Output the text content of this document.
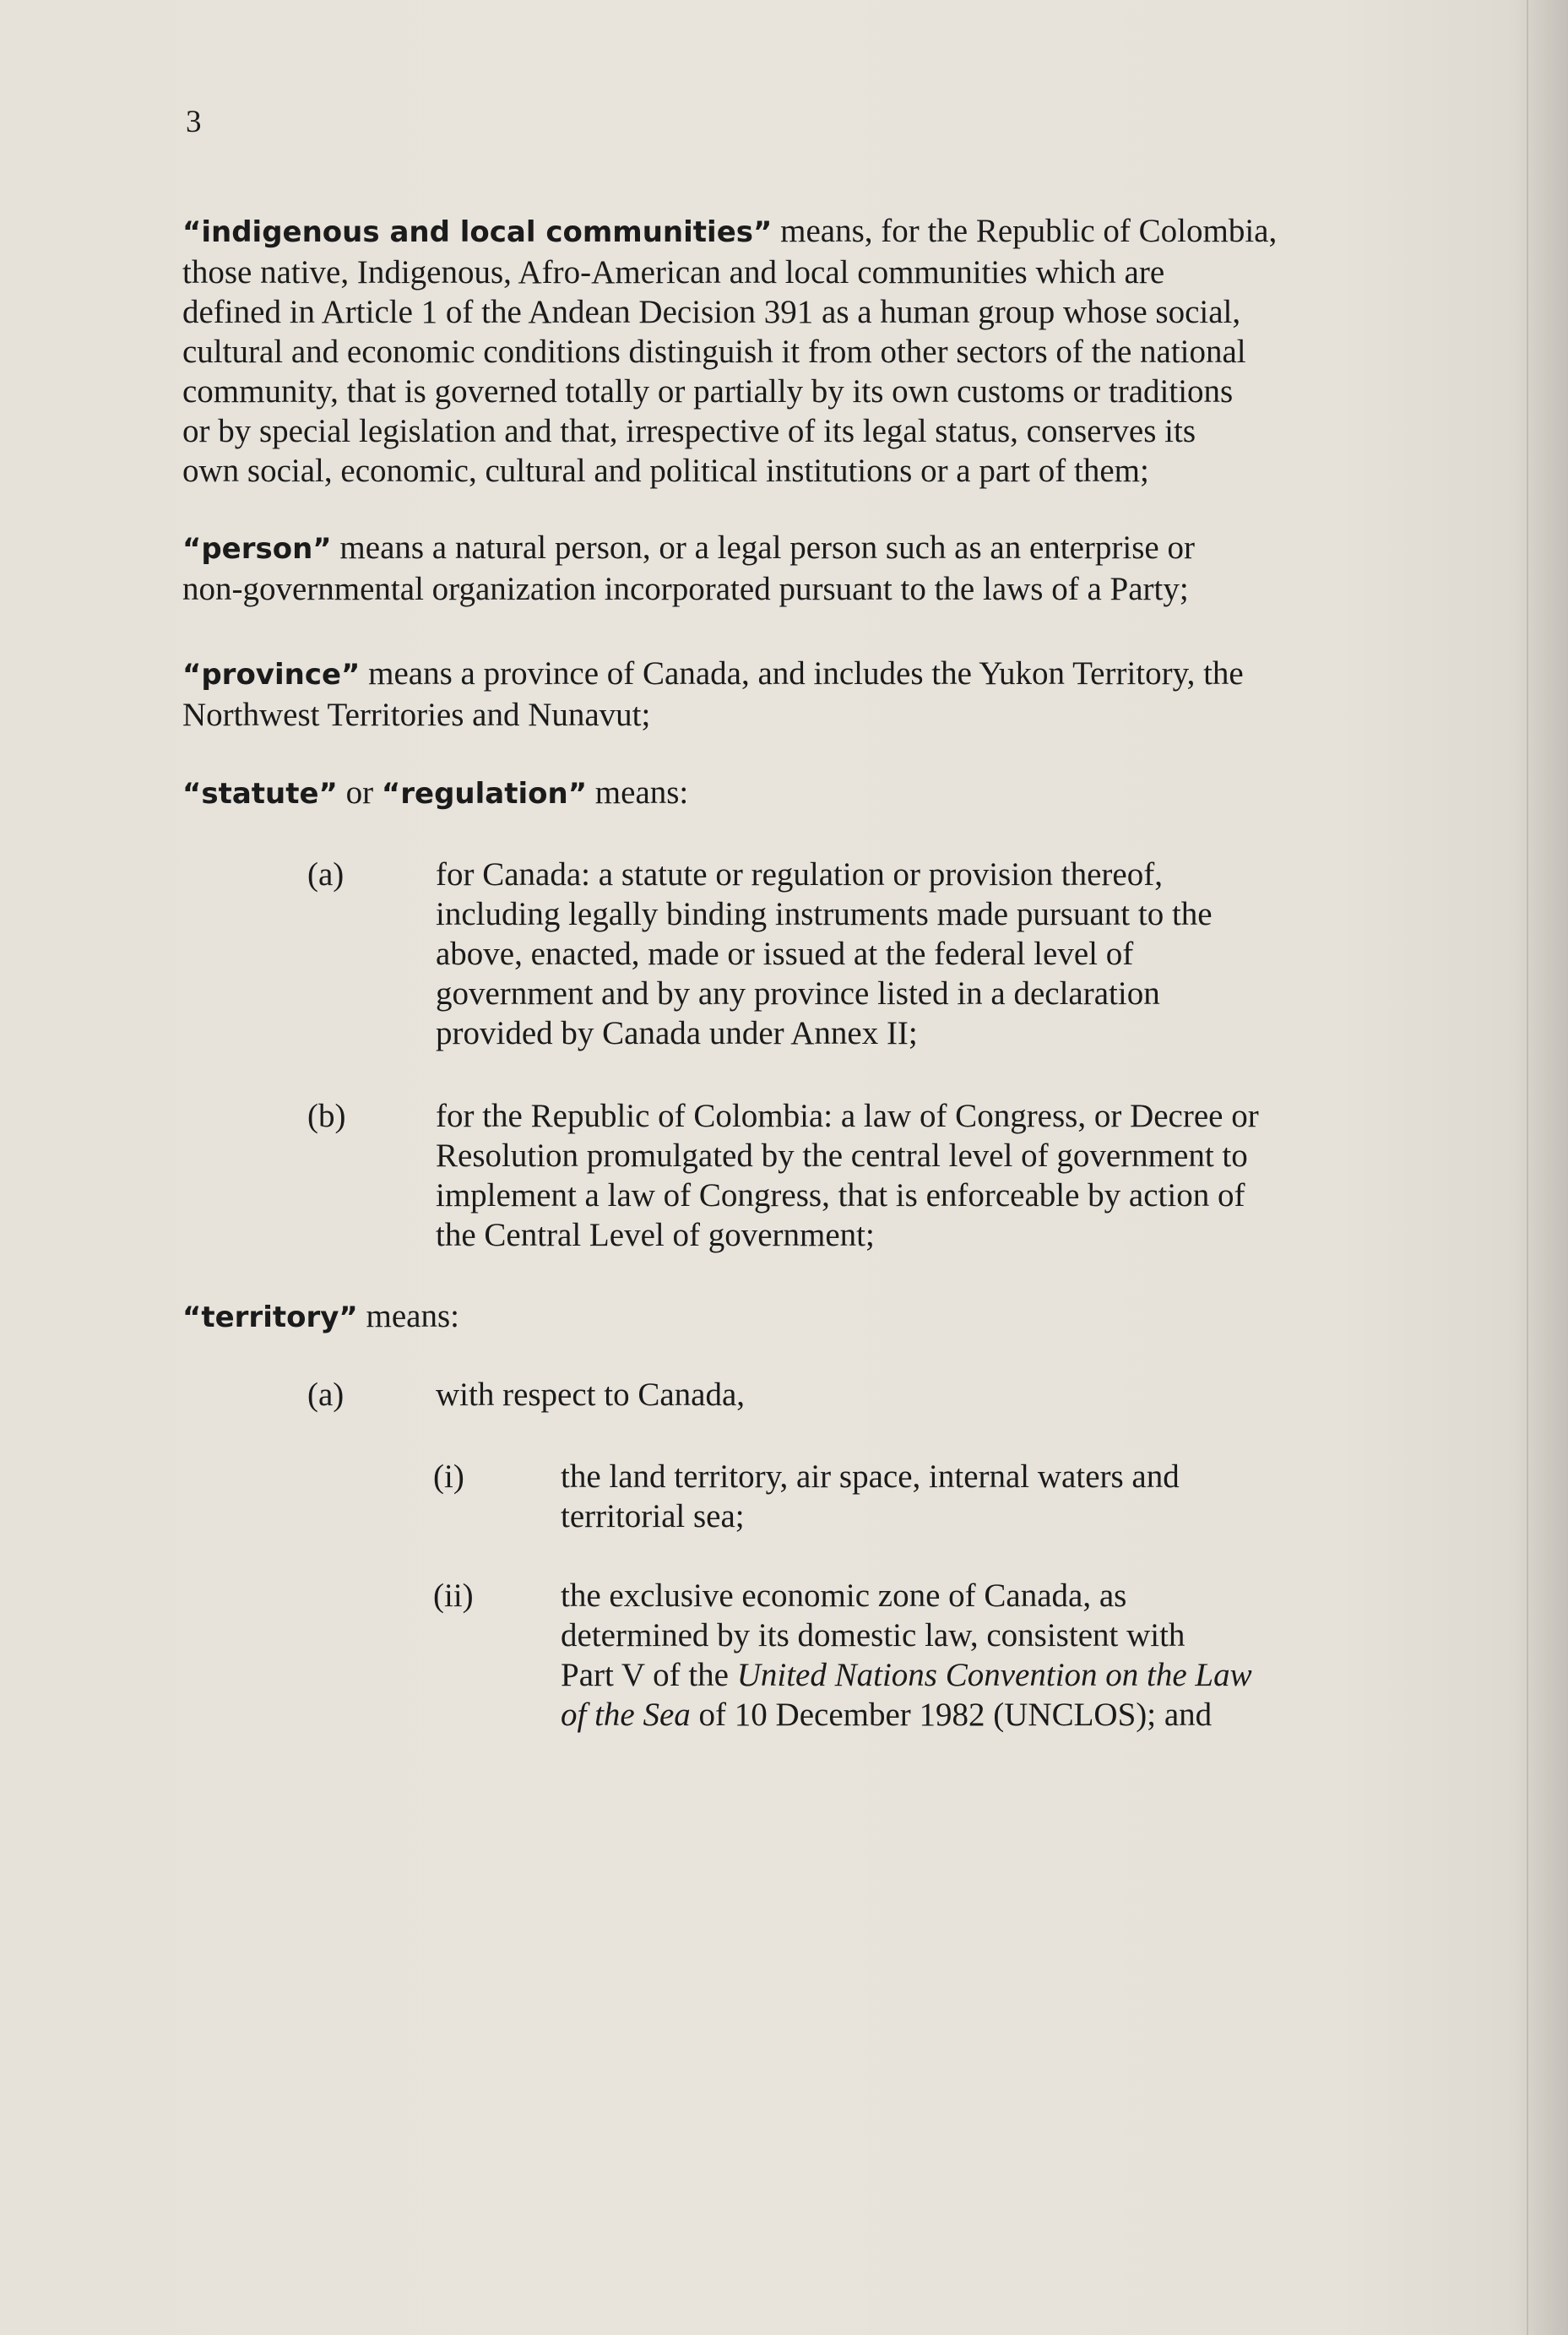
3
“indigenous and local communities” means, for the Republic of Colombia,
those native, Indigenous, Afro-American and local communities which are
defined in Article 1 of the Andean Decision 391 as a human group whose social,
cultural and economic conditions distinguish it from other sectors of the national
community, that is governed totally or partially by its own customs or traditions
or by special legislation and that, irrespective of its legal status, conserves its
own social, economic, cultural and political institutions or a part of them;
“person” means a natural person, or a legal person such as an enterprise or
non-governmental organization incorporated pursuant to the laws of a Party;
“province” means a province of Canada, and includes the Yukon Territory, the
Northwest Territories and Nunavut;
“statute” or “regulation” means:
(a)	for Canada: a statute or regulation or provision thereof,
including legally binding instruments made pursuant to the
above, enacted, made or issued at the federal level of
government and by any province listed in a declaration
provided by Canada under Annex II;
(b)	for the Republic of Colombia: a law of Congress, or Decree or
Resolution promulgated by the central level of government to
implement a law of Congress, that is enforceable by action of
the Central Level of government;
“territory” means:
(a)	with respect to Canada,
(i)	the land territory, air space, internal waters and
territorial sea;
(ii)	the exclusive economic zone of Canada, as
determined by its domestic law, consistent with
Part V of the United Nations Convention on the Law
of the Sea of 10 December 1982 (UNCLOS); and
